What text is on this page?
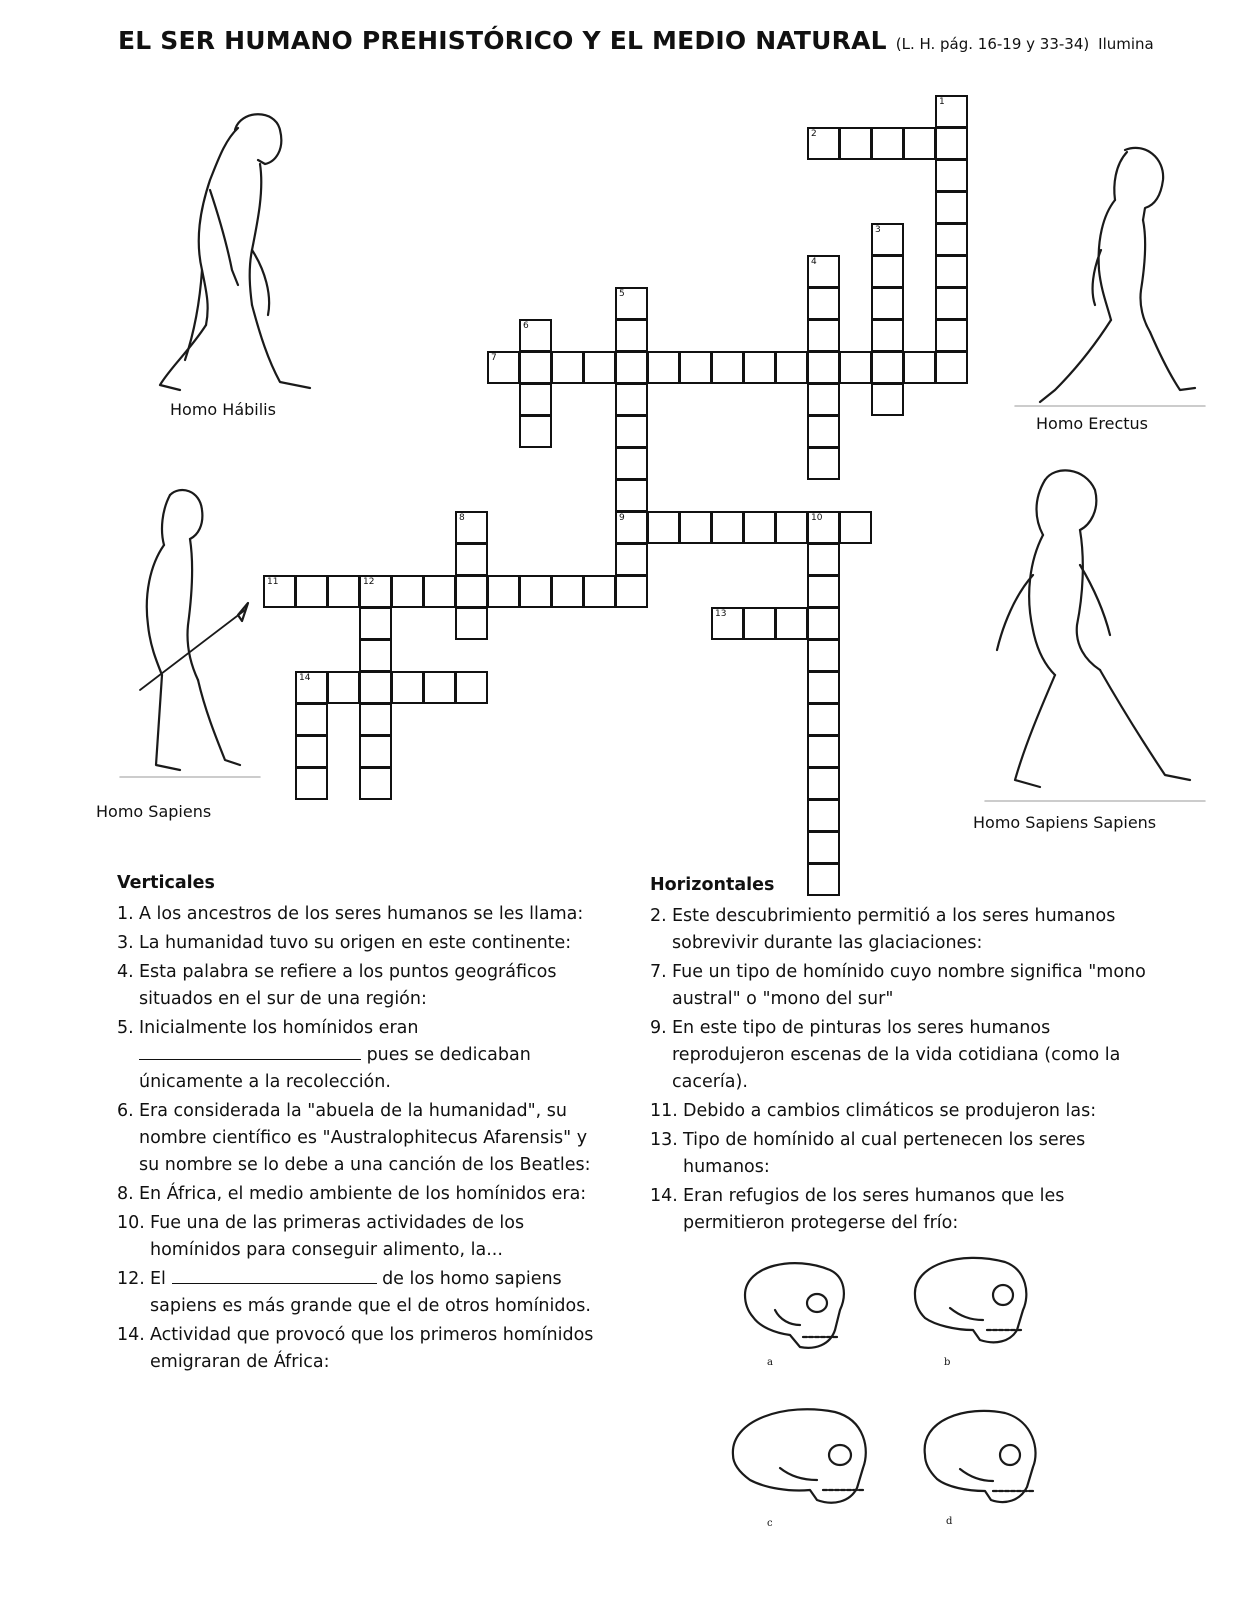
EL SER HUMANO PREHISTÓRICO Y EL MEDIO NATURAL (L. H. pág. 16-19 y 33-34) Ilumina
Homo Hábilis
Homo Erectus
Homo Sapiens
Homo Sapiens Sapiens
1
2
3
4
5
9
6
7
8	10
11	12
13
14
Verticales
1. A los ancestros de los seres humanos se les llama:
3. La humanidad tuvo su origen en este continente:
4. Esta palabra se refiere a los puntos geográficos situados en el sur de una región:
5. Inicialmente los homínidos eran  pues se dedicaban únicamente a la recolección.
6. Era considerada la "abuela de la humanidad", su nombre científico es "Australophitecus Afarensis" y su nombre se lo debe a una canción de los Beatles:
8. En África, el medio ambiente de los homínidos era:
10. Fue una de las primeras actividades de los homínidos para conseguir alimento, la...
12. El	de los homo sapiens sapiens es más grande que el de otros homínidos.
14. Actividad que provocó que los primeros homínidos emigraran de África:
Horizontales
2. Este descubrimiento permitió a los seres humanos sobrevivir durante las glaciaciones:
7. Fue un tipo de homínido cuyo nombre significa "mono austral" o "mono del sur"
9. En este tipo de pinturas los seres humanos reprodujeron escenas de la vida cotidiana (como la cacería).
11. Debido a cambios climáticos se produjeron las:
13. Tipo de homínido al cual pertenecen los seres humanos:
14. Eran refugios de los seres humanos que les permitieron protegerse del frío:
a	b
c	d
